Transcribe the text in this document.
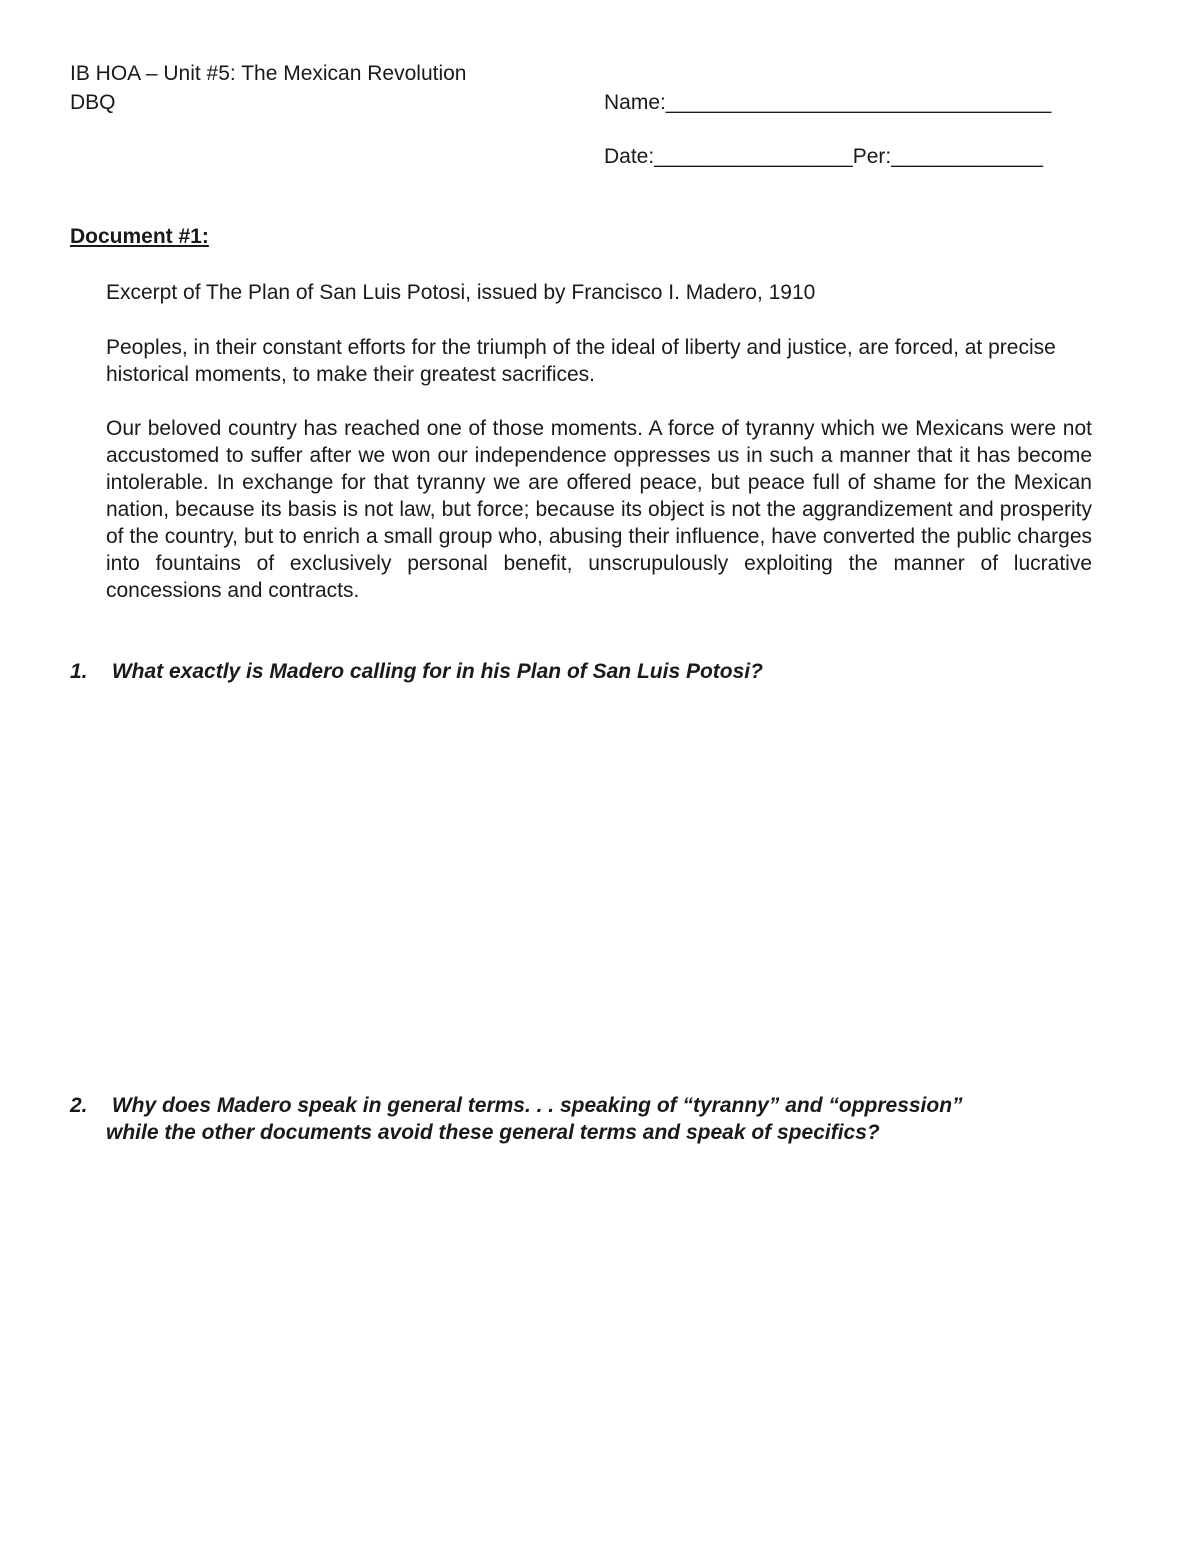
IB HOA – Unit #5: The Mexican Revolution
DBQ	Name:_________________________________
Date:_________________Per:_____________
Document #1:
Excerpt of The Plan of San Luis Potosi, issued by Francisco I. Madero, 1910
Peoples, in their constant efforts for the triumph of the ideal of liberty and justice, are forced, at precise historical moments, to make their greatest sacrifices.
Our beloved country has reached one of those moments. A force of tyranny which we Mexicans were not accustomed to suffer after we won our independence oppresses us in such a manner that it has become intolerable. In exchange for that tyranny we are offered peace, but peace full of shame for the Mexican nation, because its basis is not law, but force; because its object is not the aggrandizement and prosperity of the country, but to enrich a small group who, abusing their influence, have converted the public charges into fountains of exclusively personal benefit, unscrupulously exploiting the manner of lucrative concessions and contracts.
1. What exactly is Madero calling for in his Plan of San Luis Potosi?
2. Why does Madero speak in general terms. . . speaking of “tyranny” and “oppression”
while the other documents avoid these general terms and speak of specifics?
